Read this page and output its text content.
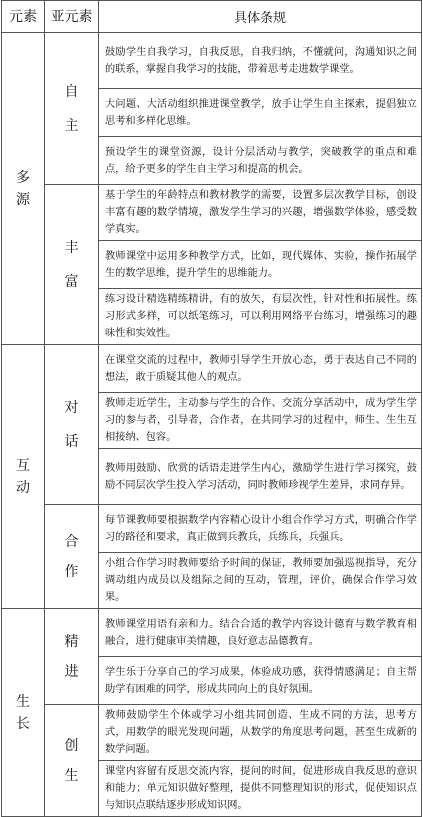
元素	亚元素	具体条规

多源	自主	鼓励学生自我学习，自我反思，自我归纳，不懂就问，沟通知识之间的联系，掌握自我学习的技能，带着思考走进数学课堂。
		大问题、大活动组织推进课堂教学，放手让学生自主探索，提倡独立思考和多样化思维。
		预设学生的课堂资源，设计分层活动与教学，突破教学的重点和难点，给予更多的学生自主学习和提高的机会。

	丰富	基于学生的年龄特点和教材教学的需要，设置多层次教学目标，创设丰富有趣的数学情境，激发学生学习的兴趣，增强数学体验，感受数学真实。
		教师课堂中运用多种教学方式，比如，现代媒体、实验，操作拓展学生的数学思维，提升学生的思维能力。
		练习设计精选精练精讲，有的放矢，有层次性，针对性和拓展性。练习形式多样，可以纸笔练习，可以利用网络平台练习，增强练习的趣味性和实效性。

互动	对话	在课堂交流的过程中，教师引导学生开放心态，勇于表达自己不同的想法，敢于质疑其他人的观点。
		教师走近学生，主动参与学生的合作、交流分享活动中，成为学生学习的参与者，引导者，合作者，在共同学习的过程中，师生、生生互相接纳、包容。
		教师用鼓励、欣赏的话语走进学生内心，激励学生进行学习探究，鼓励不同层次学生投入学习活动，同时教师珍视学生差异，求同存异。

	合作	每节课教师要根据数学内容精心设计小组合作学习方式，明确合作学习的路径和要求，真正做到兵教兵，兵练兵，兵强兵。
		小组合作学习时教师要给予时间的保证，教师要加强巡视指导，充分调动组内成员以及组际之间的互动，管理，评价，确保合作学习效果。

生长	精进	教师课堂用语有亲和力。结合合适的教学内容设计德育与数学教育相融合，进行健康审美情趣，良好意志品德教育。
		学生乐于分享自己的学习成果，体验成功感，获得情感满足；自主帮助学有困难的同学，形成共同向上的良好氛围。

	创生	教师鼓励学生个体或学习小组共同创造、生成不同的方法，思考方式，用数学的眼光发现问题，从数学的角度思考问题，甚至生成新的数学问题。
		课堂内容留有反思交流内容，提问的时间，促进形成自我反思的意识和能力；单元知识做好整理，提供不同整理知识的形式，促使知识点与知识点联结逐步形成知识网。
